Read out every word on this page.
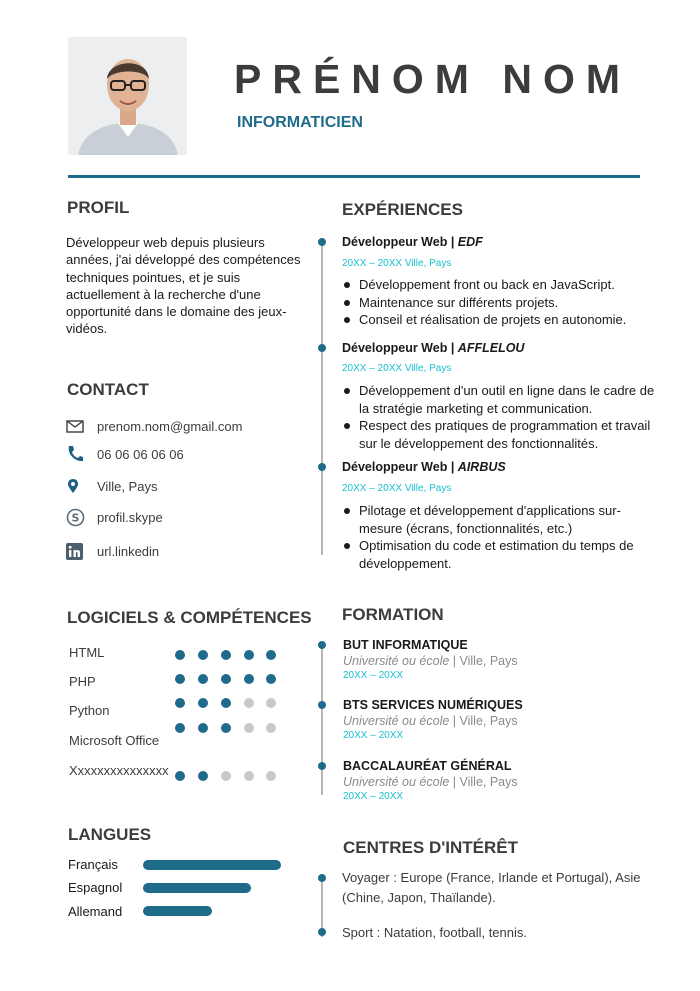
PRÉNOM NOM
INFORMATICIEN
PROFIL
Développeur web depuis plusieurs années, j'ai développé des compétences techniques pointues, et je suis actuellement à la recherche d'une opportunité dans le domaine des jeux-vidéos.
CONTACT
prenom.nom@gmail.com
06 06 06 06 06
Ville, Pays
S profil.skype
url.linkedin
LOGICIELS & COMPÉTENCES
HTML
PHP
Python
Microsoft Office
Xxxxxxxxxxxxxxx
LANGUES
Français
Espagnol
Allemand
EXPÉRIENCES
Développeur Web | EDF
20XX – 20XX Ville, Pays
Développement front ou back en JavaScript.
Maintenance sur différents projets.
Conseil et réalisation de projets en autonomie.
Développeur Web | AFFLELOU
20XX – 20XX Ville, Pays
Développement d'un outil en ligne dans le cadre de la stratégie marketing et communication.
Respect des pratiques de programmation et travail sur le développement des fonctionnalités.
Développeur Web | AIRBUS
20XX – 20XX Ville, Pays
Pilotage et développement d'applications sur-mesure (écrans, fonctionnalités, etc.)
Optimisation du code et estimation du temps de développement.
FORMATION
BUT INFORMATIQUE
Université ou école | Ville, Pays
20XX – 20XX
BTS SERVICES NUMÉRIQUES
Université ou école | Ville, Pays
20XX – 20XX
BACCALAURÉAT GÉNÉRAL
Université ou école | Ville, Pays
20XX – 20XX
CENTRES D'INTÉRÊT
Voyager : Europe (France, Irlande et Portugal), Asie (Chine, Japon, Thaïlande).
Sport : Natation, football, tennis.
